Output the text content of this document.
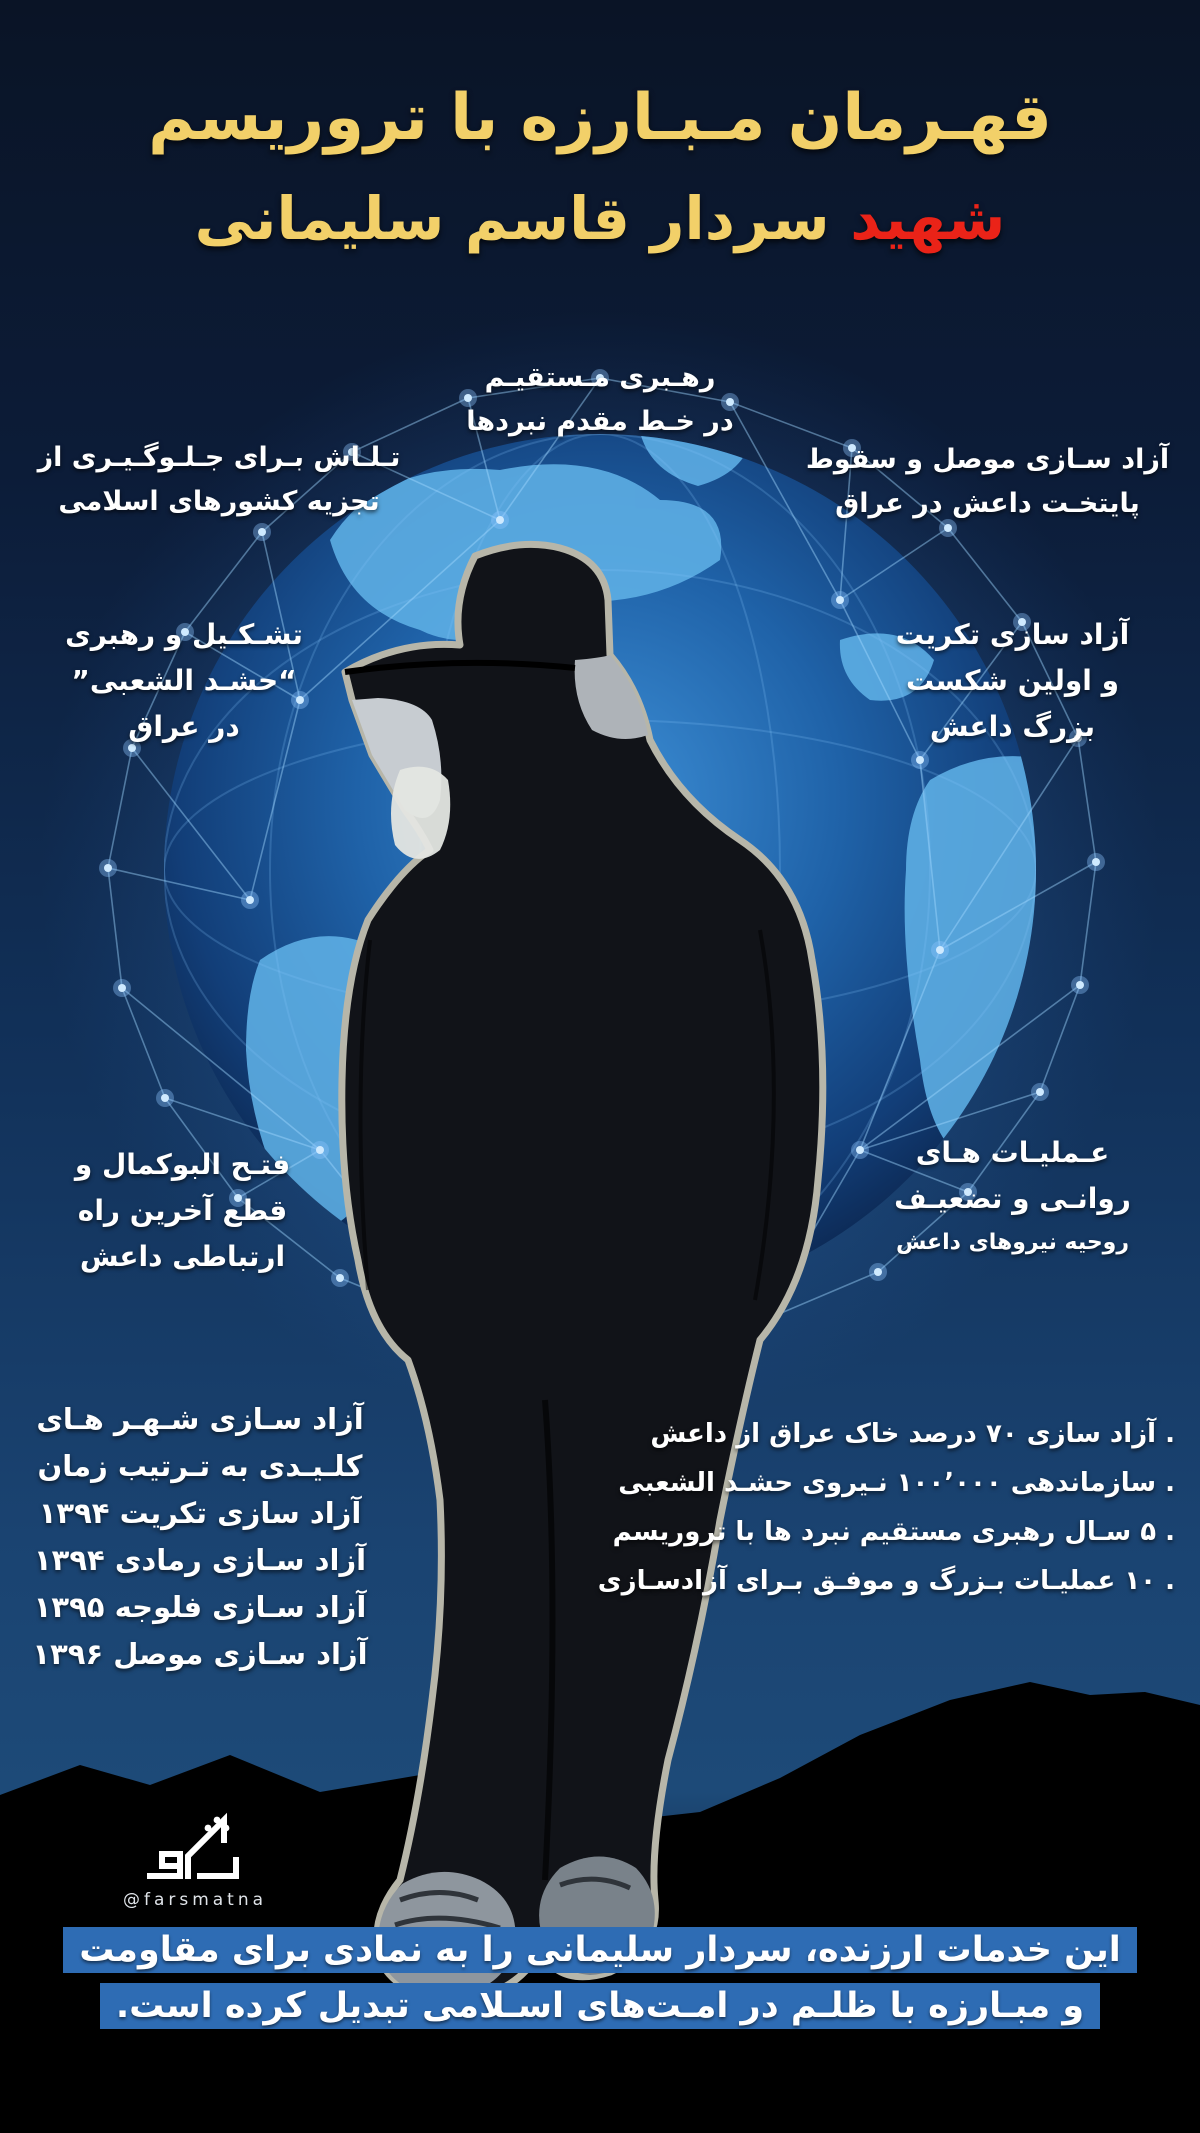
قهـرمان مـبـارزه با تروریسم
شهید سردار قاسم سلیمانی
رهـبری مـستقیـم
در خـط مقدم نبردها
تـلـاش بـرای جـلـوگـیـری از
تجزیه کشورهای اسلامی
آزاد سـازی موصل و سقوط
پایتخـت داعش در عراق
تشـکـیل و رهبری
“حشـد الشعبی”
در عراق
آزاد سازی تکریت
و اولین شکست
بزرگ داعش
فتـح البوکمال و
قطع آخرین راه
ارتباطی داعش
عـملیـات هـای
روانـی و تضعیـف
روحیه نیروهای داعش
آزاد سـازی شـهـر هـای
کلـیـدی به تـرتیب زمان
آزاد سازی تکریت ۱۳۹۴
آزاد سـازی رمادی ۱۳۹۴
آزاد سـازی فلوجه ۱۳۹۵
آزاد سـازی موصل ۱۳۹۶
. آزاد سازی ۷۰ درصد خاک عراق از داعش
. سازماندهی ۱۰۰٬۰۰۰ نـیروی حشـد الشعبی
. ۵ سـال رهبری مستقیم نبرد ها با تروریسم
. ۱۰ عملیـات بـزرگ و موفـق بـرای آزادسـازی
@farsmatna
این خدمات ارزنده، سردار سلیمانی را به نمادی برای مقاومت
و مبـارزه با ظلـم در امـت‌های اسـلامی تبدیل کرده است.
